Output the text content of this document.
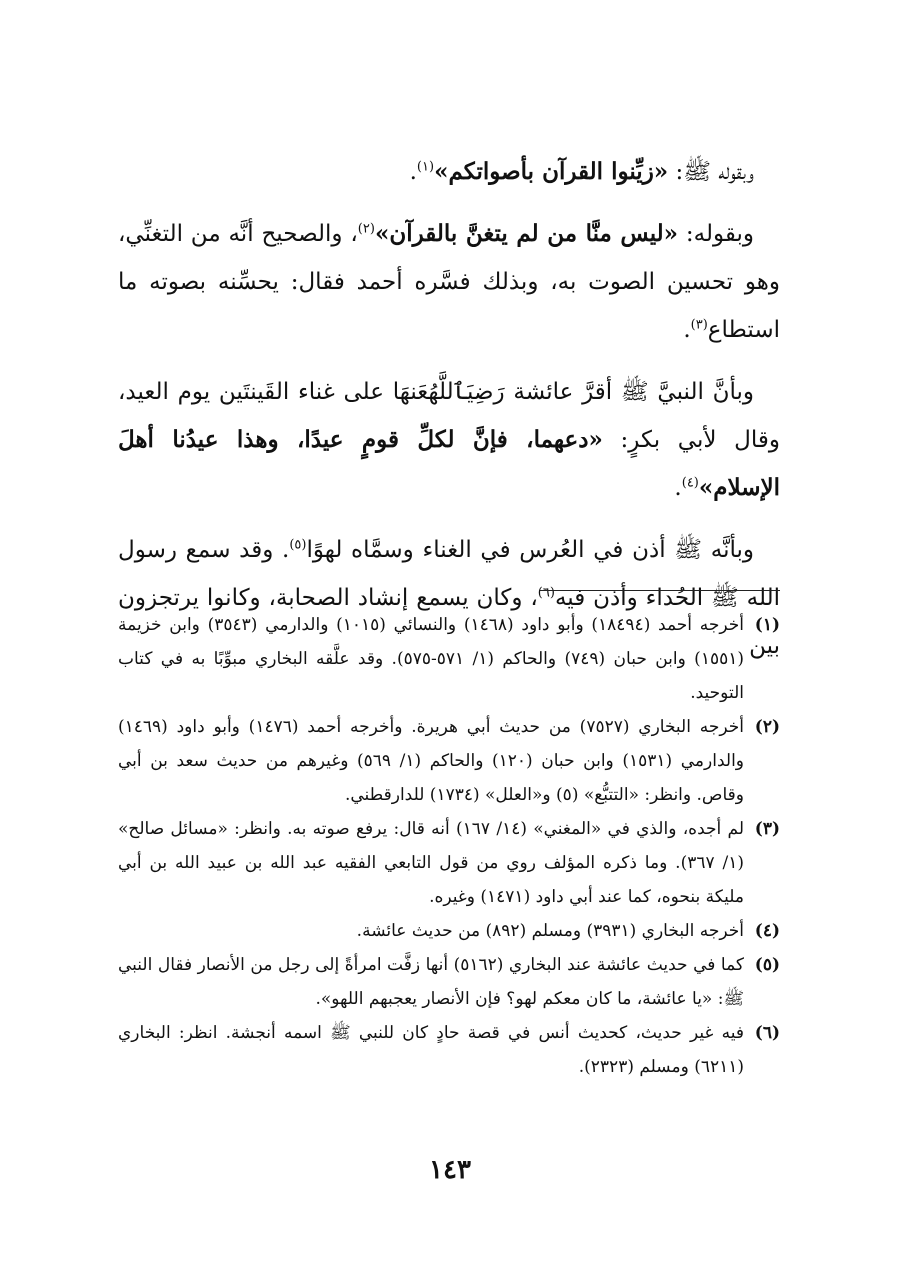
وبقوله ﷺ: «زيِّنوا القرآن بأصواتكم»$^{(١)}$.

وبقوله: «ليس منَّا من لم يتغنَّ بالقرآن»$^{(٢)}$، والصحيح أنَّه من التغنِّي، وهو تحسين الصوت به، وبذلك فسَّره أحمد فقال: يحسِّنه بصوته ما استطاع$^{(٣)}$.

وبأنَّ النبيَّ ﷺ أقرَّ عائشة رَضِيَٱللَّهُعَنهَا على غناء القَينتَين يوم العيد، وقال لأبي بكرٍ: «دعهما، فإنَّ لكلِّ قومٍ عيدًا، وهذا عيدُنا أهلَ الإسلام»$^{(٤)}$.

وبأنَّه ﷺ أذن في العُرس في الغناء وسمَّاه لهوًا$^{(٥)}$. وقد سمع رسول الله ﷺ الحُداء وأذن فيه$^{(٦)}$، وكان يسمع إنشاد الصحابة، وكانوا يرتجزون بين

(١)
أخرجه أحمد (١٨٤٩٤) وأبو داود (١٤٦٨) والنسائي (١٠١٥) والدارمي (٣٥٤٣) وابن خزيمة (١٥٥١) وابن حبان (٧٤٩) والحاكم (١/ ٥٧١-٥٧٥). وقد علَّقه البخاري مبوِّبًا به في كتاب التوحيد.
(٢)
أخرجه البخاري (٧٥٢٧) من حديث أبي هريرة. وأخرجه أحمد (١٤٧٦) وأبو داود (١٤٦٩) والدارمي (١٥٣١) وابن حبان (١٢٠) والحاكم (١/ ٥٦٩) وغيرهم من حديث سعد بن أبي وقاص. وانظر: «التتبُّع» (٥) و«العلل» (١٧٣٤) للدارقطني.
(٣)
لم أجده، والذي في «المغني» (١٤/ ١٦٧) أنه قال: يرفع صوته به. وانظر: «مسائل صالح» (١/ ٣٦٧). وما ذكره المؤلف روي من قول التابعي الفقيه عبد الله بن عبيد الله بن أبي مليكة بنحوه، كما عند أبي داود (١٤٧١) وغيره.
(٤)
أخرجه البخاري (٣٩٣١) ومسلم (٨٩٢) من حديث عائشة.
(٥)
كما في حديث عائشة عند البخاري (٥١٦٢) أنها زفَّت امرأةً إلى رجل من الأنصار فقال النبي ﷺ: «يا عائشة، ما كان معكم لهو؟ فإن الأنصار يعجبهم اللهو».
(٦)
فيه غير حديث، كحديث أنس في قصة حادٍ كان للنبي ﷺ اسمه أنجشة. انظر: البخاري (٦٢١١) ومسلم (٢٣٢٣).
١٤٣
